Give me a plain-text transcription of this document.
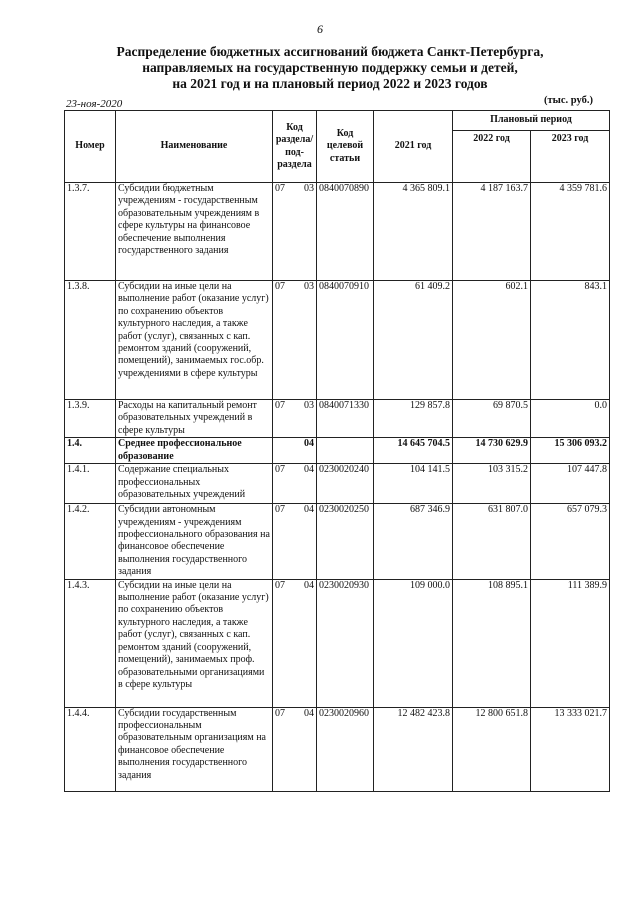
6
Распределение бюджетных ассигнований бюджета Санкт-Петербурга,
направляемых на государственную поддержку семьи и детей,
на 2021 год и на плановый период 2022 и 2023 годов
23-ноя-2020	(тыс. руб.)
Номер	Наименование	Код раздела/ под-раздела	Код целевой статьи	2021 год	Плановый период	
					2022 год	2023 год
1.3.7.	Субсидии бюджетным учреждениям - государственным образовательным учреждениям в сфере культуры на финансовое обеспечение выполнения государственного задания	07 03	0840070890	4 365 809.1	4 187 163.7	4 359 781.6
1.3.8.	Субсидии на иные цели на выполнение работ (оказание услуг) по сохранению объектов культурного наследия, а также работ (услуг), связанных с кап. ремонтом зданий (сооружений, помещений), занимаемых гос.обр. учреждениями в сфере культуры	07 03	0840070910	61 409.2	602.1	843.1
1.3.9.	Расходы на капитальный ремонт образовательных учреждений в сфере культуры	07 03	0840071330	129 857.8	69 870.5	0.0
1.4.	Среднее профессиональное образование	04		14 645 704.5	14 730 629.9	15 306 093.2
1.4.1.	Содержание специальных профессиональных образовательных учреждений	07 04	0230020240	104 141.5	103 315.2	107 447.8
1.4.2.	Субсидии автономным учреждениям - учреждениям профессионального образования на финансовое обеспечение выполнения государственного задания	07 04	0230020250	687 346.9	631 807.0	657 079.3
1.4.3.	Субсидии на иные цели на выполнение работ (оказание услуг) по сохранению объектов культурного наследия, а также работ (услуг), связанных с кап. ремонтом зданий (сооружений, помещений), занимаемых проф. образовательными организациями в сфере культуры	07 04	0230020930	109 000.0	108 895.1	111 389.9
1.4.4.	Субсидии государственным профессиональным образовательным организациям на финансовое обеспечение выполнения государственного задания	07 04	0230020960	12 482 423.8	12 800 651.8	13 333 021.7
